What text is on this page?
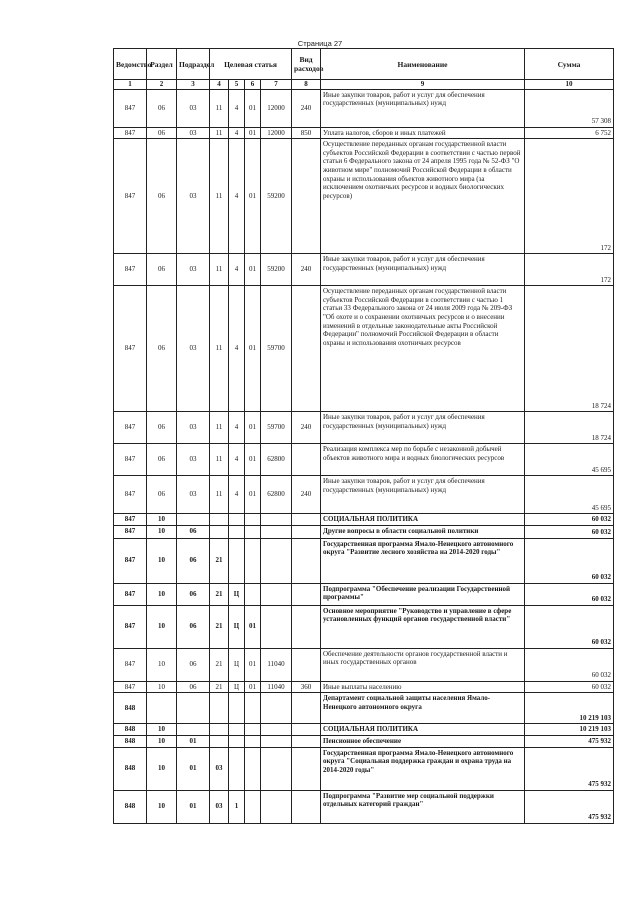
Страница 27
Ведомство	Раздел	Подраздел	Целевая статья				Вид расходов	Наименование	Сумма
1	2	3	4	5	6	7	8	9	10
847	06	03	11	4	01	12000	240	Иные закупки товаров, работ и услуг для обеспечения государственных (муниципальных) нужд	57 308
847	06	03	11	4	01	12000	850	Уплата налогов, сборов и иных платежей	6 752
847	06	03	11	4	01	59200		Осуществление переданных органам государственной власти субъектов Российской Федерации в соответствии с частью первой статьи 6 Федерального закона от 24 апреля 1995 года № 52-ФЗ "О животном мире" полномочий Российской Федерации в области охраны и использования объектов животного мира (за исключением охотничьих ресурсов и водных биологических ресурсов)	172
847	06	03	11	4	01	59200	240	Иные закупки товаров, работ и услуг для обеспечения государственных (муниципальных) нужд	172
847	06	03	11	4	01	59700		Осуществление переданных органам государственной власти субъектов Российской Федерации в соответствии с частью 1 статьи 33 Федерального закона от 24 июля 2009 года № 209-ФЗ "Об охоте и о сохранении охотничьих ресурсов и о внесении изменений в отдельные законодательные акты Российской Федерации" полномочий Российской Федерации в области охраны и использования охотничьих ресурсов	18 724
847	06	03	11	4	01	59700	240	Иные закупки товаров, работ и услуг для обеспечения государственных (муниципальных) нужд	18 724
847	06	03	11	4	01	62800		Реализация комплекса мер по борьбе с незаконной добычей объектов животного мира и водных биологических ресурсов	45 695
847	06	03	11	4	01	62800	240	Иные закупки товаров, работ и услуг для обеспечения государственных (муниципальных) нужд	45 695
847	10							СОЦИАЛЬНАЯ ПОЛИТИКА	60 032
847	10	06						Другие вопросы в области социальной политики	60 032
847	10	06	21					Государственная программа Ямало-Ненецкого автономного округа "Развитие лесного хозяйства на 2014-2020 годы"	60 032
847	10	06	21	Ц				Подпрограмма "Обеспечение реализации Государственной программы"	60 032
847	10	06	21	Ц	01			Основное мероприятие "Руководство и управление в сфере установленных функций органов государственной власти"	60 032
847	10	06	21	Ц	01	11040		Обеспечение деятельности органов государственной власти и иных государственных органов	60 032
847	10	06	21	Ц	01	11040	360	Иные выплаты населению	60 032
848								Департамент социальной защиты населения Ямало-Ненецкого автономного округа	10 219 103
848	10							СОЦИАЛЬНАЯ ПОЛИТИКА	10 219 103
848	10	01						Пенсионное обеспечение	475 932
848	10	01	03					Государственная программа Ямало-Ненецкого автономного округа "Социальная поддержка граждан и охрана труда на 2014-2020 годы"	475 932
848	10	01	03	1				Подпрограмма "Развитие мер социальной поддержки отдельных категорий граждан"	475 932
